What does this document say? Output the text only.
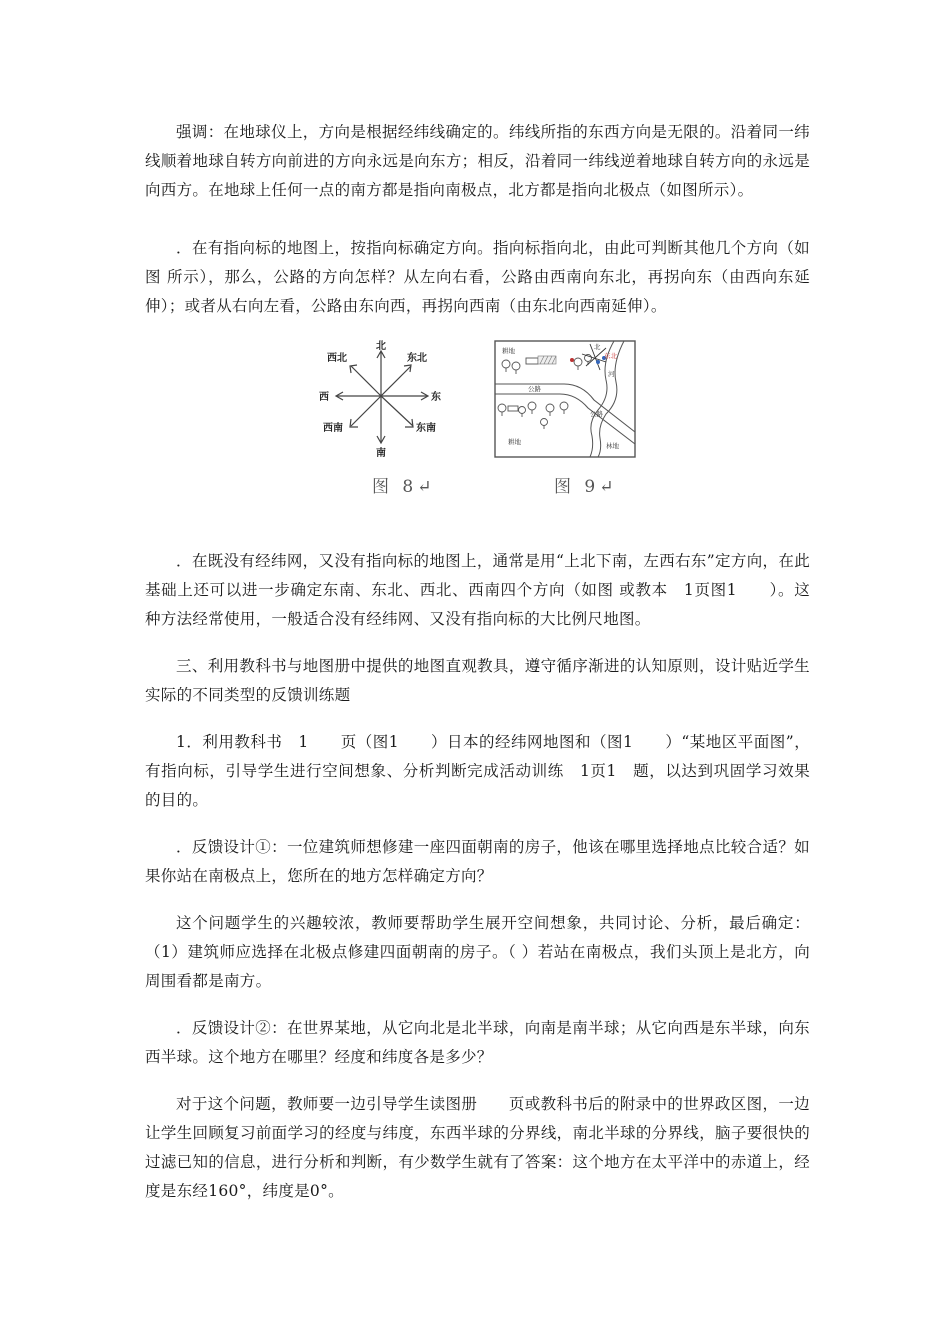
强调：在地球仪上，方向是根据经纬线确定的。纬线所指的东西方向是无限的。沿着同一纬线顺着地球自转方向前进的方向永远是向东方；相反，沿着同一纬线逆着地球自转方向的永远是向西方。在地球上任何一点的南方都是指向南极点，北方都是指向北极点（如图所示）。

．在有指向标的地图上，按指向标确定方向。指向标指向北，由此可判断其他几个方向（如图 所示），那么，公路的方向怎样？从左向右看，公路由西南向东北，再拐向东（由西向东延伸）；或者从右向左看，公路由东向西，再拐向西南（由东北向西南延伸）。

北
南
西	东
东北
西北
东南
西南
图 8↵
耕地	北
东北
公路
公路
河
耕地	林地
图 9↵

．在既没有经纬网，又没有指向标的地图上，通常是用“上北下南，左西右东”定方向，在此基础上还可以进一步确定东南、东北、西北、西南四个方向（如图 或教本　1页图1　　）。这种方法经常使用，一般适合没有经纬网、又没有指向标的大比例尺地图。

三、利用教科书与地图册中提供的地图直观教具，遵守循序渐进的认知原则，设计贴近学生实际的不同类型的反馈训练题

1．利用教科书　1　　页（图1　　）日本的经纬网地图和（图1　　）“某地区平面图”，有指向标，引导学生进行空间想象、分析判断完成活动训练　1页1　题，以达到巩固学习效果的目的。

．反馈设计①：一位建筑师想修建一座四面朝南的房子，他该在哪里选择地点比较合适？如果你站在南极点上，您所在的地方怎样确定方向？

这个问题学生的兴趣较浓，教师要帮助学生展开空间想象，共同讨论、分析，最后确定：（1）建筑师应选择在北极点修建四面朝南的房子。（ ）若站在南极点，我们头顶上是北方，向周围看都是南方。

．反馈设计②：在世界某地，从它向北是北半球，向南是南半球；从它向西是东半球，向东西半球。这个地方在哪里？经度和纬度各是多少？

对于这个问题，教师要一边引导学生读图册　　页或教科书后的附录中的世界政区图，一边让学生回顾复习前面学习的经度与纬度，东西半球的分界线，南北半球的分界线，脑子要很快的过滤已知的信息，进行分析和判断，有少数学生就有了答案：这个地方在太平洋中的赤道上，经度是东经160°，纬度是0°。
